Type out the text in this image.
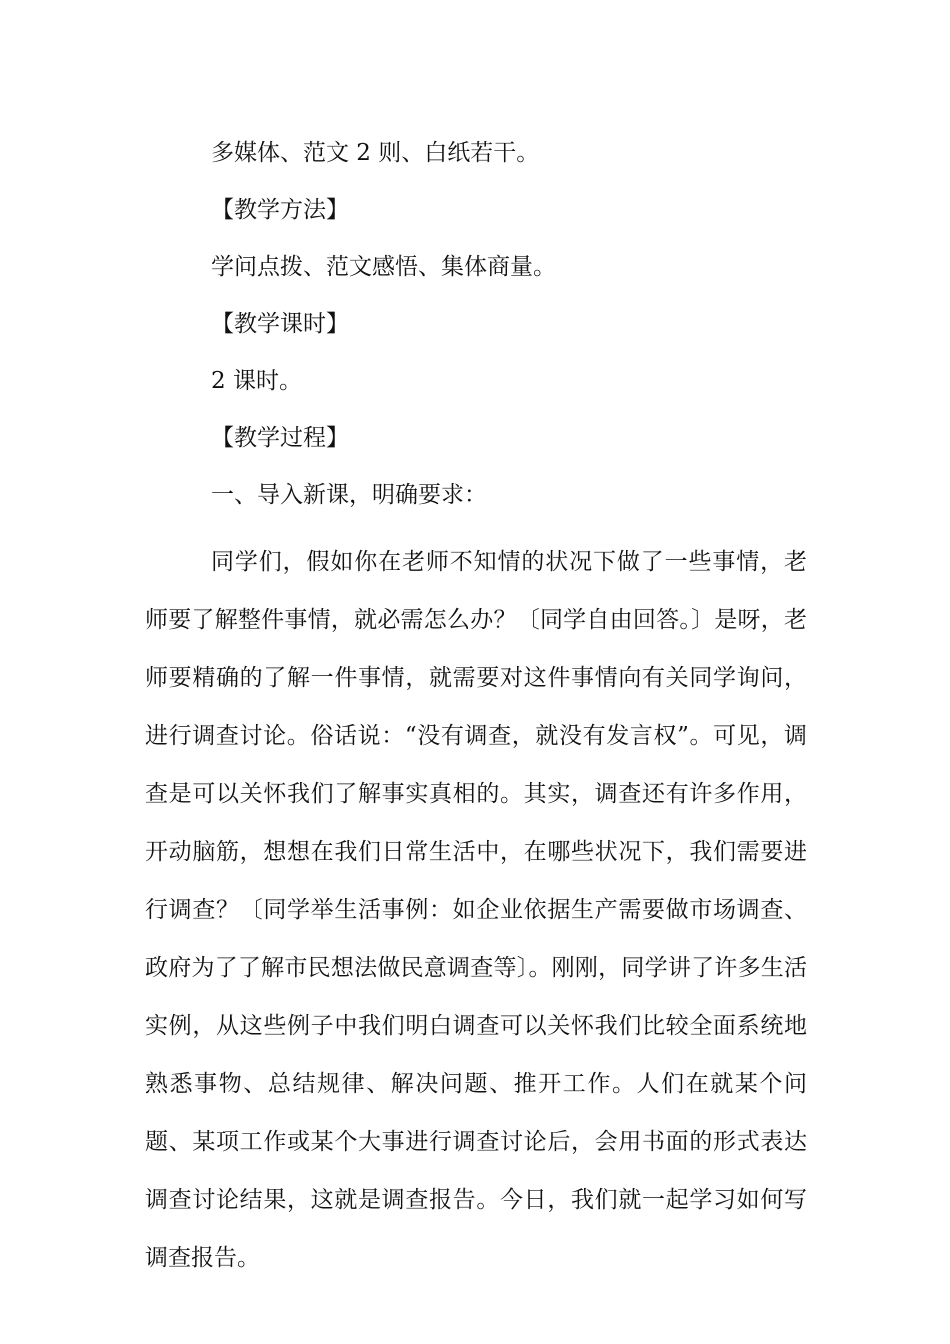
多媒体、范文 2 则、白纸若干。
【教学方法】
学问点拨、范文感悟、集体商量。
【教学课时】
2 课时。
【教学过程】
一、导入新课，明确要求：

同学们，假如你在老师不知情的状况下做了一些事情，老师要了解整件事情，就必需怎么办？〔同学自由回答。〕是呀，老师要精确的了解一件事情，就需要对这件事情向有关同学询问，进行调查讨论。俗话说：“没有调查，就没有发言权”。可见，调查是可以关怀我们了解事实真相的。其实，调查还有许多作用，开动脑筋，想想在我们日常生活中，在哪些状况下，我们需要进行调查？〔同学举生活事例：如企业依据生产需要做市场调查、政府为了了解市民想法做民意调查等〕。刚刚，同学讲了许多生活实例，从这些例子中我们明白调查可以关怀我们比较全面系统地熟悉事物、总结规律、解决问题、推开工作。人们在就某个问题、某项工作或某个大事进行调查讨论后，会用书面的形式表达调查讨论结果，这就是调查报告。今日，我们就一起学习如何写调查报告。
